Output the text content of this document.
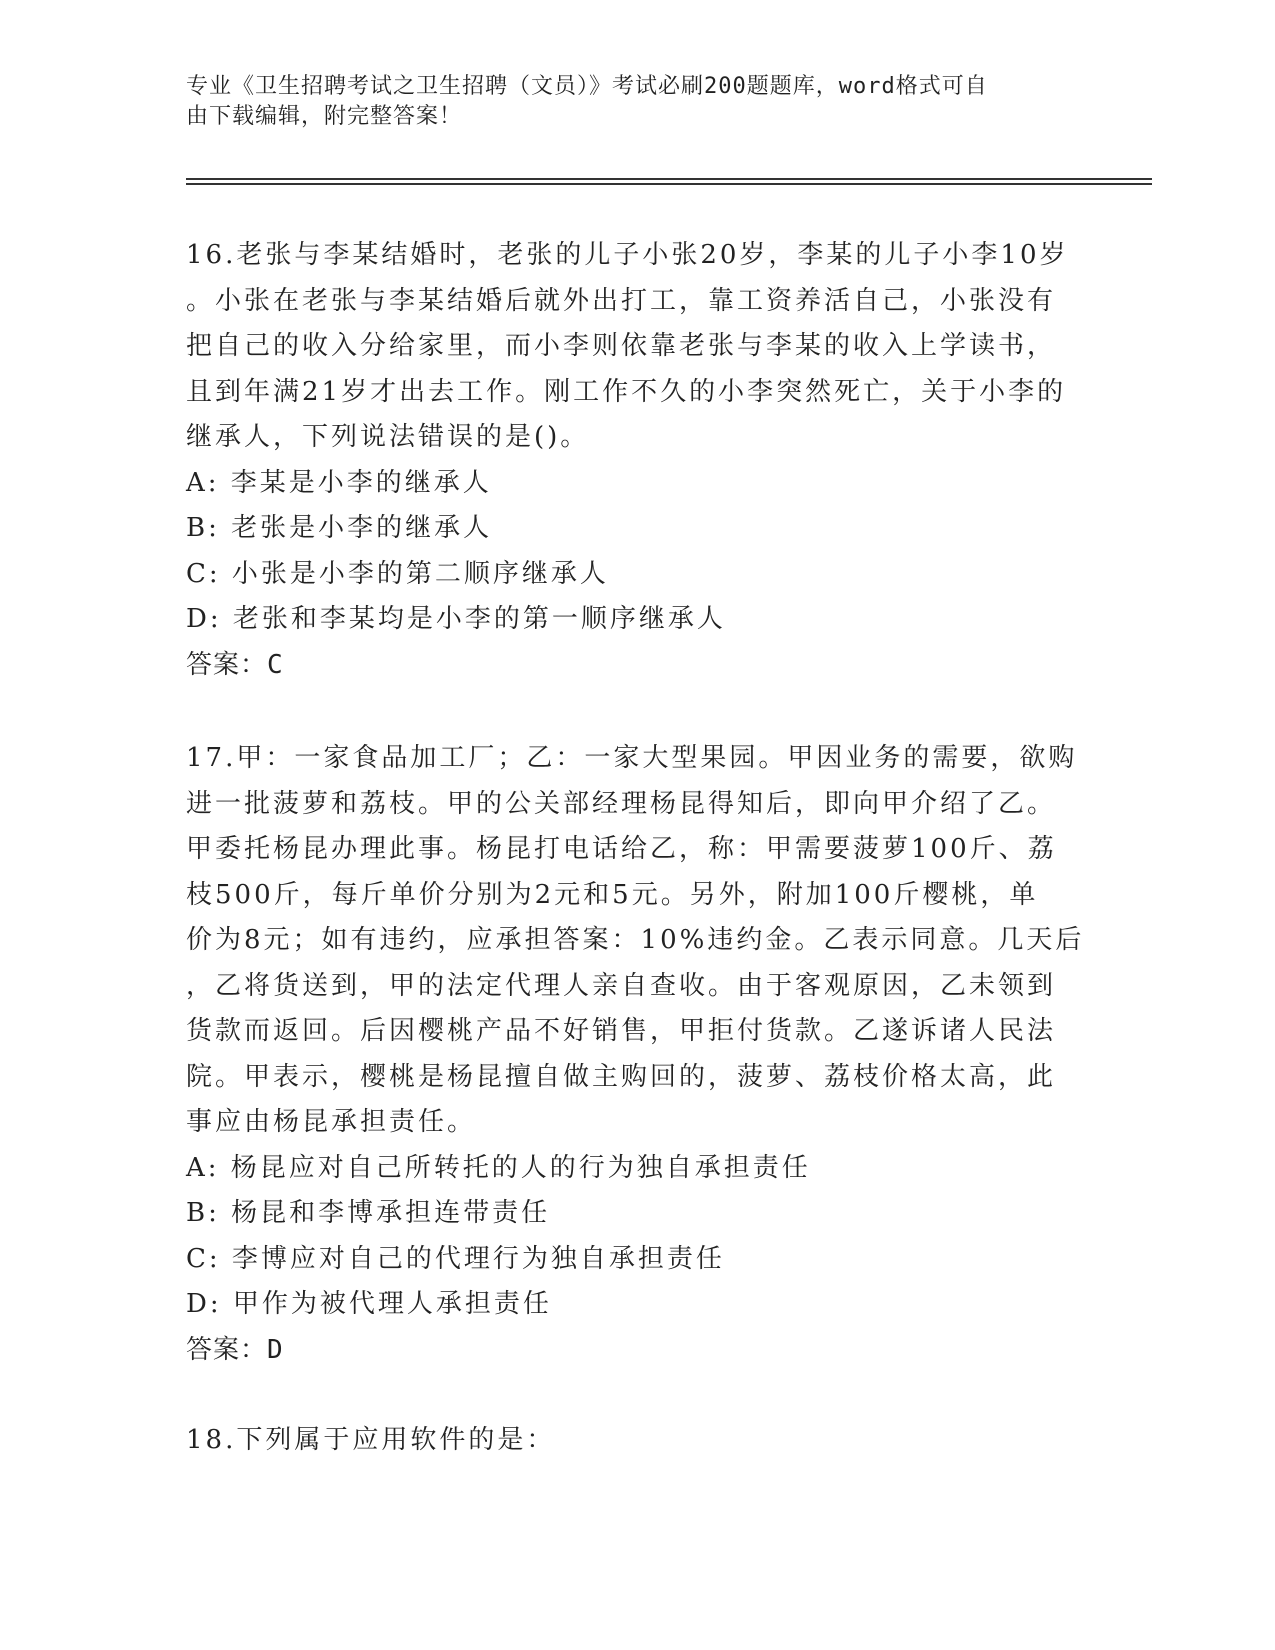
专业《卫生招聘考试之卫生招聘（文员）》考试必刷200题题库，word格式可自
由下载编辑，附完整答案！
16.老张与李某结婚时，老张的儿子小张20岁，李某的儿子小李10岁
。小张在老张与李某结婚后就外出打工，靠工资养活自己，小张没有
把自己的收入分给家里，而小李则依靠老张与李某的收入上学读书，
且到年满21岁才出去工作。刚工作不久的小李突然死亡，关于小李的
继承人，下列说法错误的是()。
A: 李某是小李的继承人
B: 老张是小李的继承人
C: 小张是小李的第二顺序继承人
D: 老张和李某均是小李的第一顺序继承人
答案：C
17.甲：一家食品加工厂；乙：一家大型果园。甲因业务的需要，欲购
进一批菠萝和荔枝。甲的公关部经理杨昆得知后，即向甲介绍了乙。
甲委托杨昆办理此事。杨昆打电话给乙，称：甲需要菠萝100斤、荔
枝500斤，每斤单价分别为2元和5元。另外，附加100斤樱桃，单
价为8元；如有违约，应承担答案：10%违约金。乙表示同意。几天后
，乙将货送到，甲的法定代理人亲自查收。由于客观原因，乙未领到
货款而返回。后因樱桃产品不好销售，甲拒付货款。乙遂诉诸人民法
院。甲表示，樱桃是杨昆擅自做主购回的，菠萝、荔枝价格太高，此
事应由杨昆承担责任。
A: 杨昆应对自己所转托的人的行为独自承担责任
B: 杨昆和李博承担连带责任
C: 李博应对自己的代理行为独自承担责任
D: 甲作为被代理人承担责任
答案：D
18.下列属于应用软件的是：
